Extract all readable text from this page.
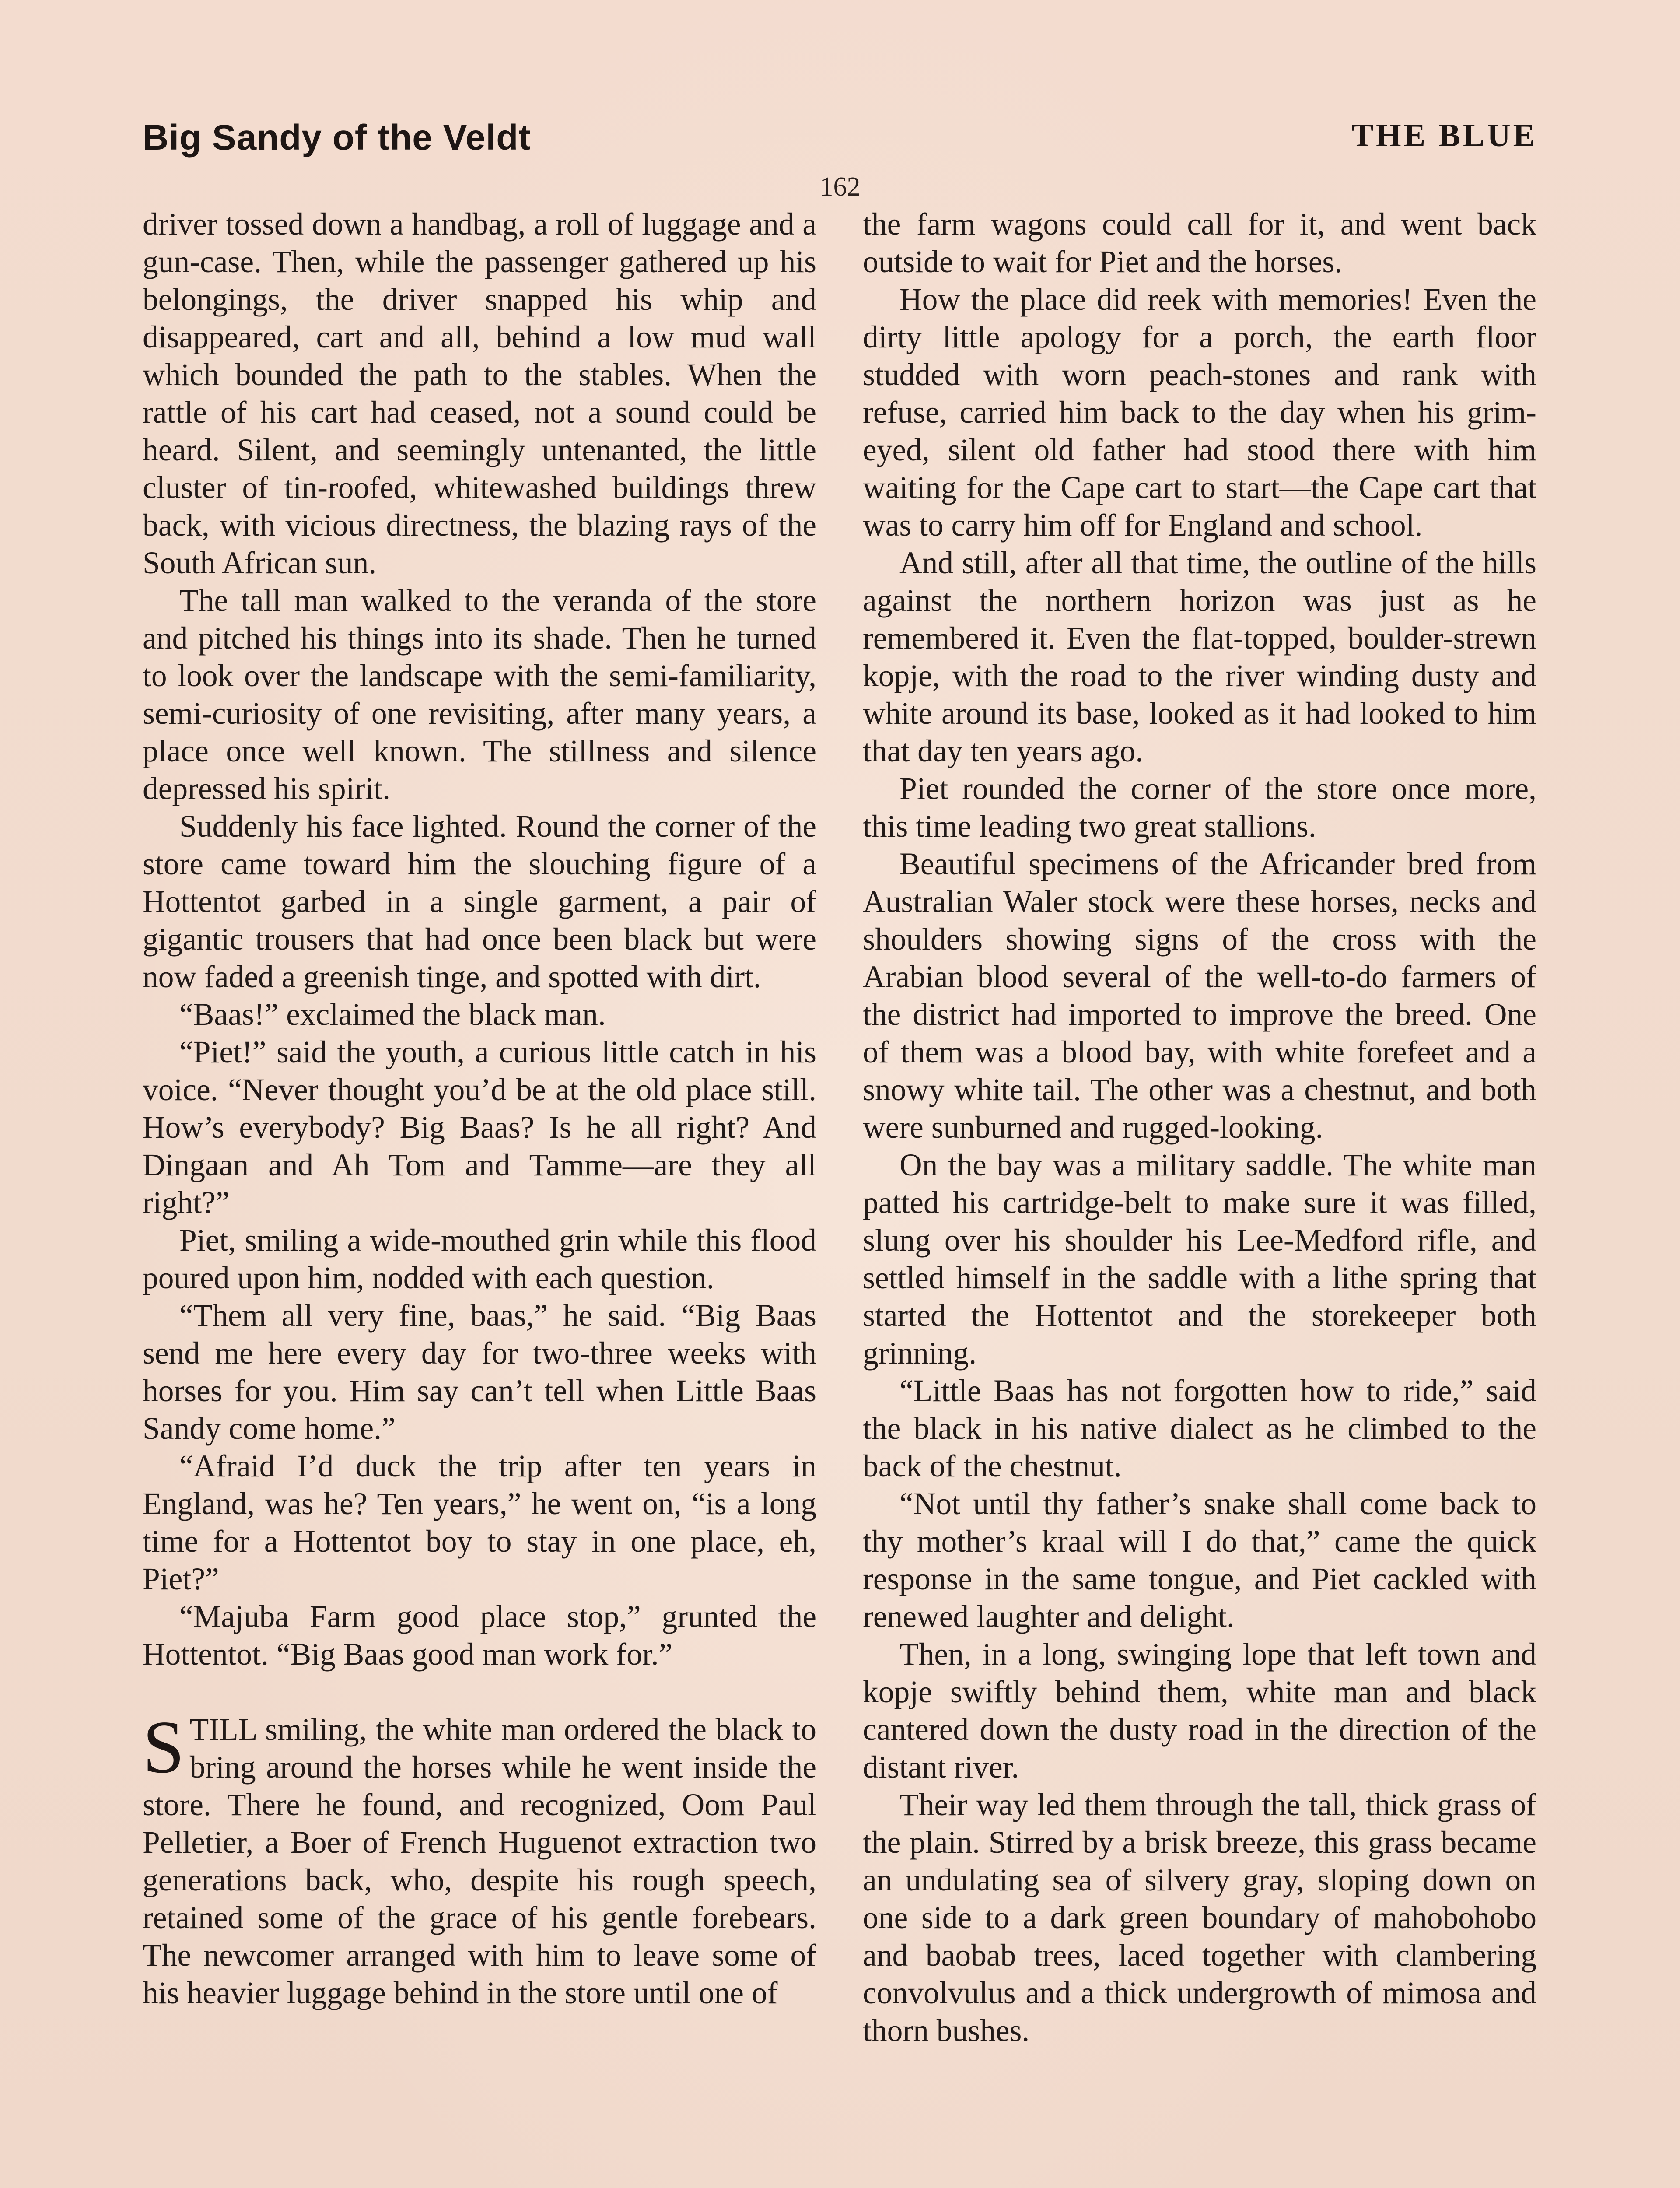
Big Sandy of the Veldt	THE BLUE
162

driver tossed down a handbag, a roll of luggage and a gun-case. Then, while the passenger gathered up his belongings, the driver snapped his whip and disappeared, cart and all, behind a low mud wall which bounded the path to the stables. When the rattle of his cart had ceased, not a sound could be heard. Silent, and seemingly untenanted, the little cluster of tin-roofed, whitewashed buildings threw back, with vicious directness, the blazing rays of the South African sun.

The tall man walked to the veranda of the store and pitched his things into its shade. Then he turned to look over the landscape with the semi-familiarity, semi-curiosity of one revisiting, after many years, a place once well known. The stillness and silence depressed his spirit.

Suddenly his face lighted. Round the corner of the store came toward him the slouching figure of a Hottentot garbed in a single garment, a pair of gigantic trousers that had once been black but were now faded a greenish tinge, and spotted with dirt.

“Baas!” exclaimed the black man.

“Piet!” said the youth, a curious little catch in his voice. “Never thought you’d be at the old place still. How’s everybody? Big Baas? Is he all right? And Dingaan and Ah Tom and Tamme—are they all right?”

Piet, smiling a wide-mouthed grin while this flood poured upon him, nodded with each question.

“Them all very fine, baas,” he said. “Big Baas send me here every day for two-three weeks with horses for you. Him say can’t tell when Little Baas Sandy come home.”

“Afraid I’d duck the trip after ten years in England, was he? Ten years,” he went on, “is a long time for a Hottentot boy to stay in one place, eh, Piet?”

“Majuba Farm good place stop,” grunted the Hottentot. “Big Baas good man work for.”

STILL smiling, the white man ordered the black to bring around the horses while he went inside the store. There he found, and recognized, Oom Paul Pelletier, a Boer of French Huguenot extraction two generations back, who, despite his rough speech, retained some of the grace of his gentle forebears. The newcomer arranged with him to leave some of his heavier luggage behind in the store until one of

the farm wagons could call for it, and went back outside to wait for Piet and the horses.

How the place did reek with memories! Even the dirty little apology for a porch, the earth floor studded with worn peach-stones and rank with refuse, carried him back to the day when his grim-eyed, silent old father had stood there with him waiting for the Cape cart to start—the Cape cart that was to carry him off for England and school.

And still, after all that time, the outline of the hills against the northern horizon was just as he remembered it. Even the flat-topped, boulder-strewn kopje, with the road to the river winding dusty and white around its base, looked as it had looked to him that day ten years ago.

Piet rounded the corner of the store once more, this time leading two great stallions.

Beautiful specimens of the Africander bred from Australian Waler stock were these horses, necks and shoulders showing signs of the cross with the Arabian blood several of the well-to-do farmers of the district had imported to improve the breed. One of them was a blood bay, with white forefeet and a snowy white tail. The other was a chestnut, and both were sunburned and rugged-looking.

On the bay was a military saddle. The white man patted his cartridge-belt to make sure it was filled, slung over his shoulder his Lee-Medford rifle, and settled himself in the saddle with a lithe spring that started the Hottentot and the storekeeper both grinning.

“Little Baas has not forgotten how to ride,” said the black in his native dialect as he climbed to the back of the chestnut.

“Not until thy father’s snake shall come back to thy mother’s kraal will I do that,” came the quick response in the same tongue, and Piet cackled with renewed laughter and delight.

Then, in a long, swinging lope that left town and kopje swiftly behind them, white man and black cantered down the dusty road in the direction of the distant river.

Their way led them through the tall, thick grass of the plain. Stirred by a brisk breeze, this grass became an undulating sea of silvery gray, sloping down on one side to a dark green boundary of mahobohobo and baobab trees, laced together with clambering convolvulus and a thick undergrowth of mimosa and thorn bushes.
